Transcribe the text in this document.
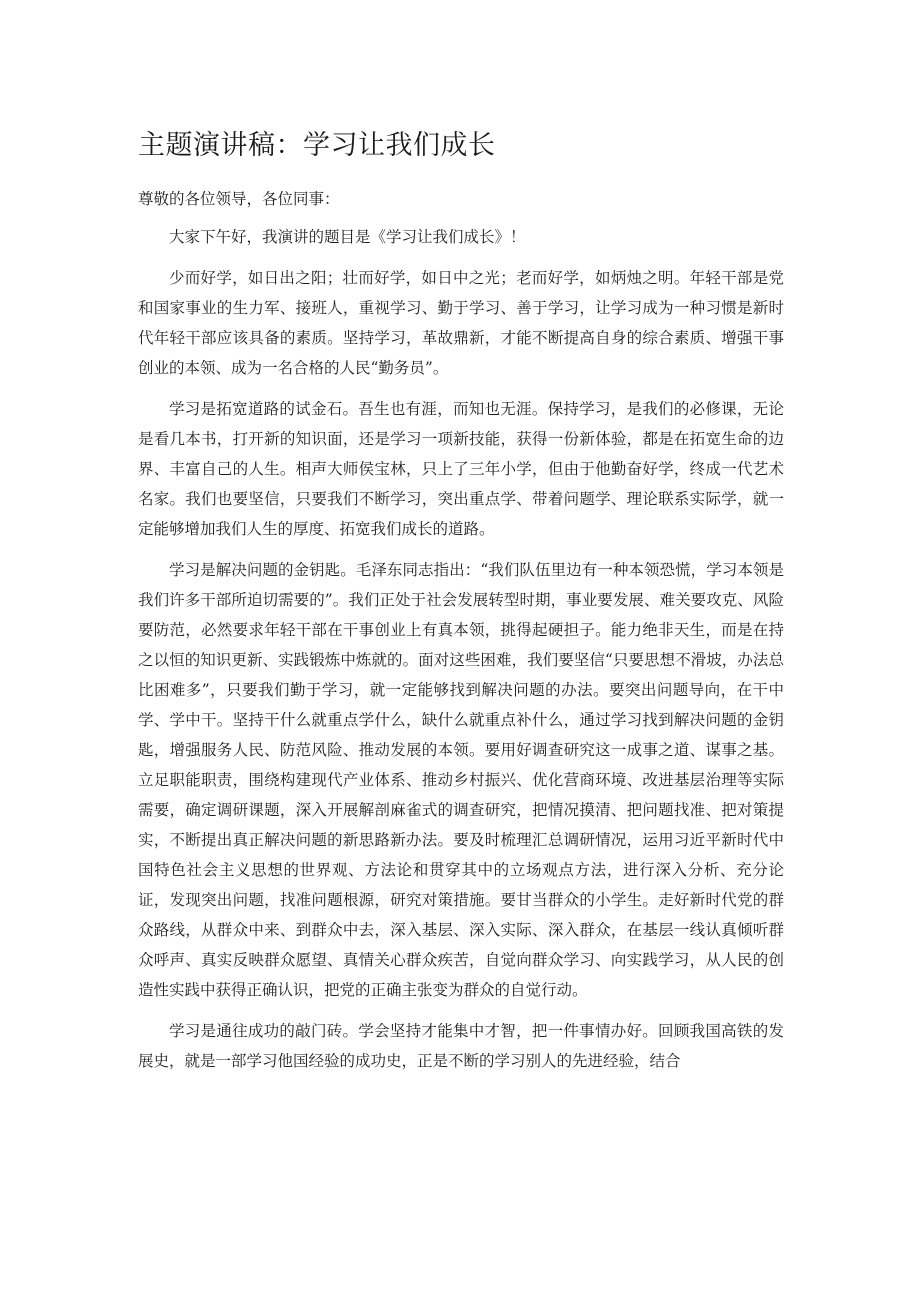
主题演讲稿：学习让我们成长

尊敬的各位领导，各位同事：

大家下午好，我演讲的题目是《学习让我们成长》！

少而好学，如日出之阳；壮而好学，如日中之光；老而好学，如炳烛之明。年轻干部是党和国家事业的生力军、接班人，重视学习、勤于学习、善于学习，让学习成为一种习惯是新时代年轻干部应该具备的素质。坚持学习，革故鼎新，才能不断提高自身的综合素质、增强干事创业的本领、成为一名合格的人民“勤务员”。

学习是拓宽道路的试金石。吾生也有涯，而知也无涯。保持学习，是我们的必修课，无论是看几本书，打开新的知识面，还是学习一项新技能，获得一份新体验，都是在拓宽生命的边界、丰富自己的人生。相声大师侯宝林，只上了三年小学，但由于他勤奋好学，终成一代艺术名家。我们也要坚信，只要我们不断学习，突出重点学、带着问题学、理论联系实际学，就一定能够增加我们人生的厚度、拓宽我们成长的道路。

学习是解决问题的金钥匙。毛泽东同志指出：“我们队伍里边有一种本领恐慌，学习本领是我们许多干部所迫切需要的”。我们正处于社会发展转型时期，事业要发展、难关要攻克、风险要防范，必然要求年轻干部在干事创业上有真本领，挑得起硬担子。能力绝非天生，而是在持之以恒的知识更新、实践锻炼中炼就的。面对这些困难，我们要坚信“只要思想不滑坡，办法总比困难多”，只要我们勤于学习，就一定能够找到解决问题的办法。要突出问题导向，在干中学、学中干。坚持干什么就重点学什么，缺什么就重点补什么，通过学习找到解决问题的金钥匙，增强服务人民、防范风险、推动发展的本领。要用好调查研究这一成事之道、谋事之基。立足职能职责，围绕构建现代产业体系、推动乡村振兴、优化营商环境、改进基层治理等实际需要，确定调研课题，深入开展解剖麻雀式的调查研究，把情况摸清、把问题找准、把对策提实，不断提出真正解决问题的新思路新办法。要及时梳理汇总调研情况，运用习近平新时代中国特色社会主义思想的世界观、方法论和贯穿其中的立场观点方法，进行深入分析、充分论证，发现突出问题，找准问题根源，研究对策措施。要甘当群众的小学生。走好新时代党的群众路线，从群众中来、到群众中去，深入基层、深入实际、深入群众，在基层一线认真倾听群众呼声、真实反映群众愿望、真情关心群众疾苦，自觉向群众学习、向实践学习，从人民的创造性实践中获得正确认识，把党的正确主张变为群众的自觉行动。

学习是通往成功的敲门砖。学会坚持才能集中才智，把一件事情办好。回顾我国高铁的发展史，就是一部学习他国经验的成功史，正是不断的学习别人的先进经验，结合
